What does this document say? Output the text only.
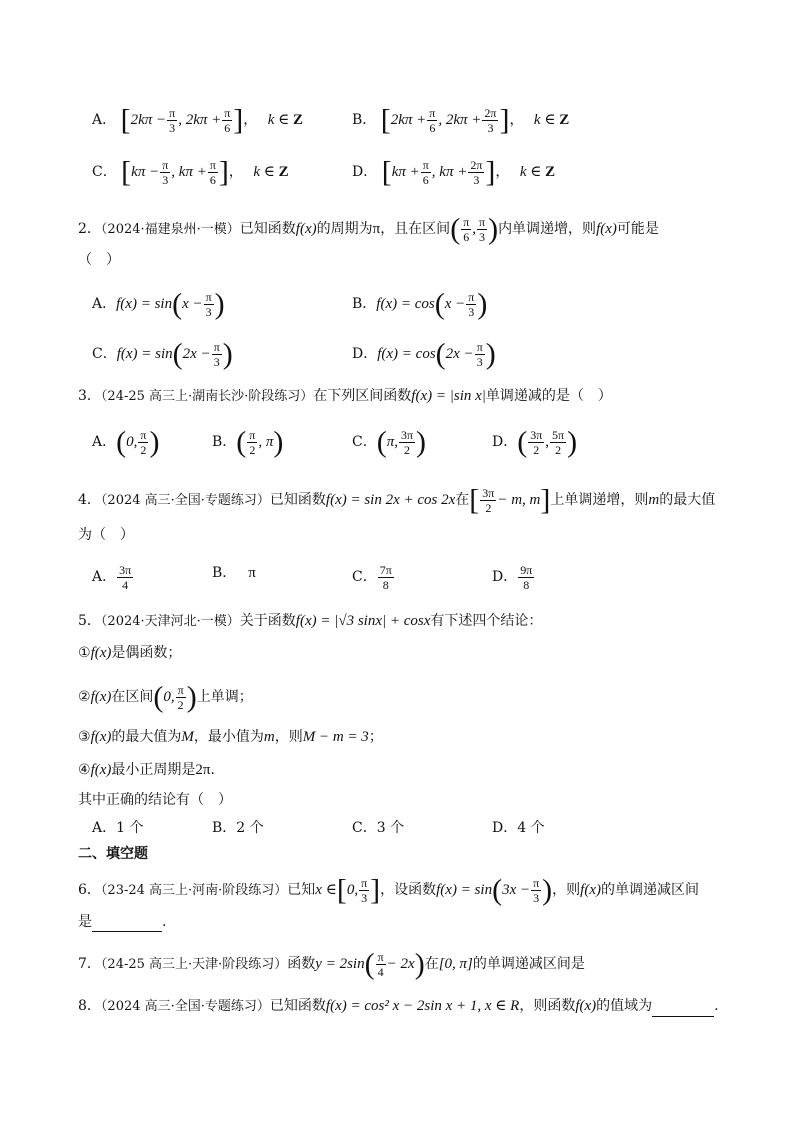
A． [$2k\pi - \frac{\pi}{3}$ , $2k\pi + \frac{\pi}{6}$ ]， k ∈ Z	B． [$2k\pi + \frac{\pi}{6}$ , $2k\pi + \frac{2\pi}{3}$ ]， k ∈ Z
C． [$k\pi - \frac{\pi}{3}$ , $k\pi + \frac{\pi}{6}$ ]， k ∈ Z	D． [$k\pi + \frac{\pi}{6}$ , $k\pi + \frac{2\pi}{3}$ ]， k ∈ Z
2．（2024·福建泉州·一模）已知函数f(x)的周期为π，且在区间( $\frac{\pi}{6}$ , $\frac{\pi}{3}$ )内单调递增，则f(x)可能是
（　）
A．$f(x) = \sin(x - \frac{\pi}{3}$ )	B．$f(x) = \cos(x - \frac{\pi}{3}$ )
C．$f(x) = \sin(2x - \frac{\pi}{3}$ )	D．$f(x) = \cos(2x - \frac{\pi}{3}$ )
3．（24-25 高三上·湖南长沙·阶段练习）在下列区间函数f(x) = |sin x|单调递减的是（　）
A．(0, $\frac{\pi}{2}$ )	B．( $\frac{\pi}{2}$ , π)	C．(π, $\frac{3\pi}{2}$ )	D．( $\frac{3\pi}{2}$ , $\frac{5\pi}{2}$ )
4．（2024 高三·全国·专题练习）已知函数f(x) = sin 2x + cos 2x在[ $\frac{3\pi}{2} - m$, m]上单调递增，则m的最大值
为（　）
A． $\frac{3\pi}{4}$	B． π	C． $\frac{7\pi}{8}$	D． $\frac{9\pi}{8}$
5．（2024·天津河北·一模）关于函数f(x) = |√3 sinx| + cosx有下述四个结论：
①f(x)是偶函数；
②f(x)在区间(0, $\frac{\pi}{2}$ )上单调；
③f(x)的最大值为M，最小值为m，则M − m = 3；
④f(x)最小正周期是2π.
其中正确的结论有（　）
A．1 个	B．2 个	C．3 个	D．4 个
二、填空题
6．（23-24 高三上·河南·阶段练习）已知x ∈[0, $\frac{\pi}{3}$ ]，设函数$f(x) = \sin(3x - \frac{\pi}{3}$ )，则f(x)的单调递减区间
是	.
7．（24-25 高三上·天津·阶段练习）函数$y = 2\sin( \frac{\pi}{4} - 2x)$在[0, π]的单调递减区间是
8．（2024 高三·全国·专题练习）已知函数f(x) = cos² x − 2sin x + 1, x ∈ R，则函数f(x)的值域为	.
